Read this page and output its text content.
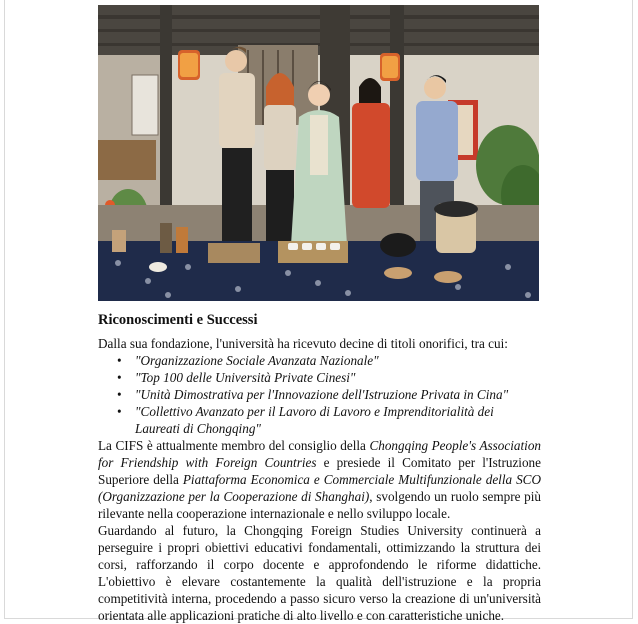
Riconoscimenti e Successi

Dalla sua fondazione, l'università ha ricevuto decine di titoli onorifici, tra cui:

• "Organizzazione Sociale Avanzata Nazionale"
• "Top 100 delle Università Private Cinesi"
• "Unità Dimostrativa per l'Innovazione dell'Istruzione Privata in Cina"
• "Collettivo Avanzato per il Lavoro di Lavoro e Imprenditorialità dei Laureati di Chongqing"

La CIFS è attualmente membro del consiglio della Chongqing People's Association for Friendship with Foreign Countries e presiede il Comitato per l'Istruzione Superiore della Piattaforma Economica e Commerciale Multifunzionale della SCO (Organizzazione per la Cooperazione di Shanghai), svolgendo un ruolo sempre più rilevante nella cooperazione internazionale e nello sviluppo locale.

Guardando al futuro, la Chongqing Foreign Studies University continuerà a perseguire i propri obiettivi educativi fondamentali, ottimizzando la struttura dei corsi, rafforzando il corpo docente e approfondendo le riforme didattiche. L'obiettivo è elevare costantemente la qualità dell'istruzione e la propria competitività interna, procedendo a passo sicuro verso la creazione di un'università orientata alle applicazioni pratiche di alto livello e con caratteristiche uniche.
